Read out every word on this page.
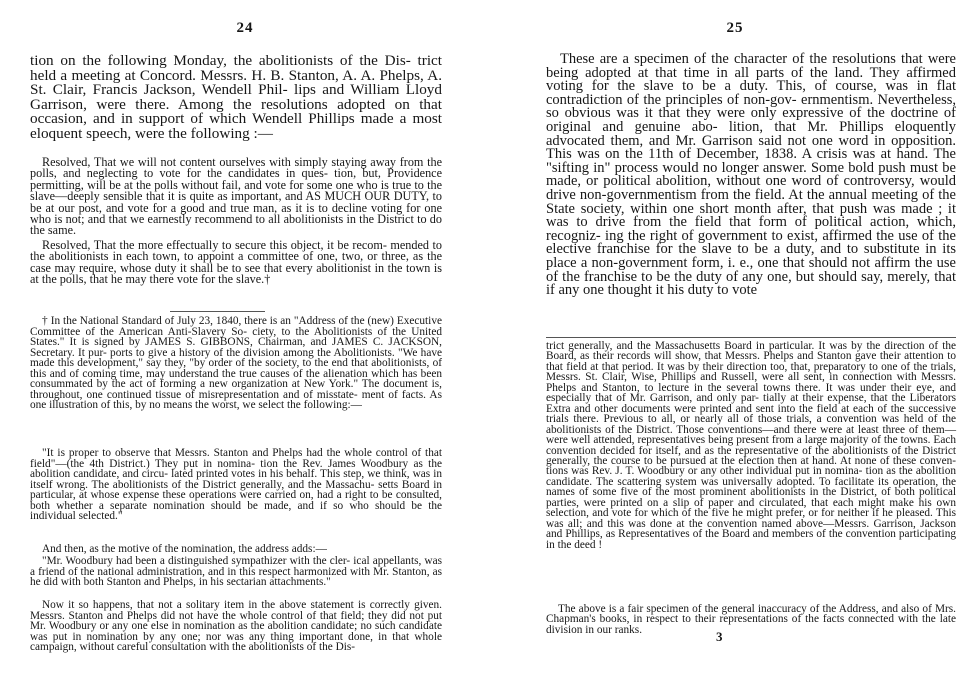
24

tion on the following Monday, the abolitionists of the Dis- trict held a meeting at Concord. Messrs. H. B. Stanton, A. A. Phelps, A. St. Clair, Francis Jackson, Wendell Phil- lips and William Lloyd Garrison, were there. Among the resolutions adopted on that occasion, and in support of which Wendell Phillips made a most eloquent speech, were the following :—

Resolved, That we will not content ourselves with simply staying away from the polls, and neglecting to vote for the candidates in ques- tion, but, Providence permitting, will be at the polls without fail, and vote for some one who is true to the slave—deeply sensible that it is quite as important, and AS MUCH OUR DUTY, to be at our post, and vote for a good and true man, as it is to decline voting for one who is not; and that we earnestly recommend to all abolitionists in the District to do the same.

Resolved, That the more effectually to secure this object, it be recom- mended to the abolitionists in each town, to appoint a committee of one, two, or three, as the case may require, whose duty it shall be to see that every abolitionist in the town is at the polls, that he may there vote for the slave.†

† In the National Standard of July 23, 1840, there is an "Address of the (new) Executive Committee of the American Anti-Slavery So- ciety, to the Abolitionists of the United States." It is signed by JAMES S. GIBBONS, Chairman, and JAMES C. JACKSON, Secretary. It pur- ports to give a history of the division among the Abolitionists. "We have made this development," say they, "by order of the society, to the end that abolitionists, of this and of coming time, may understand the true causes of the alienation which has been consummated by the act of forming a new organization at New York." The document is, throughout, one continued tissue of misrepresentation and of misstate- ment of facts. As one illustration of this, by no means the worst, we select the following:—

"It is proper to observe that Messrs. Stanton and Phelps had the whole control of that field"—(the 4th District.) They put in nomina- tion the Rev. James Woodbury as the abolition candidate, and circu- lated printed votes in his behalf. This step, we think, was in itself wrong. The abolitionists of the District generally, and the Massachu- setts Board in particular, at whose expense these operations were carried on, had a right to be consulted, both whether a separate nomination should be made, and if so who should be the individual selected."

And then, as the motive of the nomination, the address adds:—

"Mr. Woodbury had been a distinguished sympathizer with the cler- ical appellants, was a friend of the national administration, and in this respect harmonized with Mr. Stanton, as he did with both Stanton and Phelps, in his sectarian attachments."

Now it so happens, that not a solitary item in the above statement is correctly given. Messrs. Stanton and Phelps did not have the whole control of that field; they did not put Mr. Woodbury or any one else in nomination as the abolition candidate; no such candidate was put in nomination by any one; nor was any thing important done, in that whole campaign, without careful consultation with the abolitionists of the Dis-

25

These are a specimen of the character of the resolutions that were being adopted at that time in all parts of the land. They affirmed voting for the slave to be a duty. This, of course, was in flat contradiction of the principles of non-gov- ernmentism. Nevertheless, so obvious was it that they were only expressive of the doctrine of original and genuine abo- lition, that Mr. Phillips eloquently advocated them, and Mr. Garrison said not one word in opposition. This was on the 11th of December, 1838. A crisis was at hand. The "sifting in" process would no longer answer. Some bold push must be made, or political abolition, without one word of controversy, would drive non-governmentism from the field. At the annual meeting of the State society, within one short month after, that push was made ; it was to drive from the field that form of political action, which, recogniz- ing the right of government to exist, affirmed the use of the elective franchise for the slave to be a duty, and to substitute in its place a non-government form, i. e., one that should not affirm the use of the franchise to be the duty of any one, but should say, merely, that if any one thought it his duty to vote

trict generally, and the Massachusetts Board in particular. It was by the direction of the Board, as their records will show, that Messrs. Phelps and Stanton gave their attention to that field at that period. It was by their direction too, that, preparatory to one of the trials, Messrs. St. Clair, Wise, Phillips and Russell, were all sent, in connection with Messrs. Phelps and Stanton, to lecture in the several towns there. It was under their eye, and especially that of Mr. Garrison, and only par- tially at their expense, that the Liberators Extra and other documents were printed and sent into the field at each of the successive trials there. Previous to all, or nearly all of those trials, a convention was held of the abolitionists of the District. Those conventions—and there were at least three of them—were well attended, representatives being present from a large majority of the towns. Each convention decided for itself, and as the representative of the abolitionists of the District generally, the course to be pursued at the election then at hand. At none of these conven- tions was Rev. J. T. Woodbury or any other individual put in nomina- tion as the abolition candidate. The scattering system was universally adopted. To facilitate its operation, the names of some five of the most prominent abolitionists in the District, of both political parties, were printed on a slip of paper and circulated, that each might make his own selection, and vote for which of the five he might prefer, or for neither if he pleased. This was all; and this was done at the convention named above—Messrs. Garrison, Jackson and Phillips, as Representatives of the Board and members of the convention participating in the deed !

The above is a fair specimen of the general inaccuracy of the Address, and also of Mrs. Chapman's books, in respect to their representations of the facts connected with the late division in our ranks.	3
